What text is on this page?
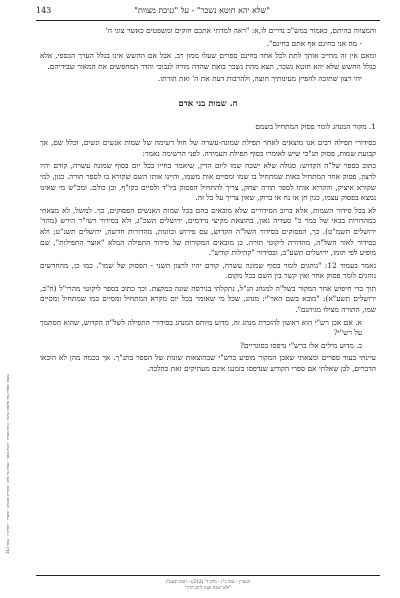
"שלא יהא חוטא נשכר" - על "גניבת מצוות"
143

והמצווה בהיתם, כאמור במש"כ נדרים לו,א: "ראה למדתי אתכם חוקים ומשפטים כאשר צוני ה'

- מה אני בחינם אף אתם בחינם".

ומאם אין זה מחייב אותך לתת לכל אחד בחינם ספרים שעלו ממון רב. אבל אם ההשש אינו בגלל הערך הכספי, אלא בגלל החשש שלא יהא חוטא נשכר, תצא מהת נשכר בואת שהדה מורה לנבוכי והדר המחפשים את המאור שבידיהם.

יהי רצון שתזכה להפיץ מעינותיך חוצה, ולהרבות דעת את ה' ואת תורתו.

ח. שמות בני אדם
1. מקור המנהג לומר פסוק המתחיל בשמם

בסידורי תפילה רבים אנו מוצאים לאחר תפילת שמונה-עשרה של חול רשימה של שמות אנשים ונשים, וכלל שם, אך קבועת שמות, פסוק תנ"כי שיש לאומרו בסוף תפילת העמידה. לפני הרשימה נאמר:

כתוב בספר של"ה הקדוש: סגולה שלא ישכח שמו ליום הדין, שיאמר בחייו בכל יום בסוף שמונה עשרה, קודם יהיו לרצון, פסוק אחד המתחיל באות שמתחיל בו שמו ומסיים אות משמו, והיינו אותו השם שקורא בו לספר תורה. כגון, למי שקורא איציק, והקריא אותו לספר תורה יצחק, צריך להתחיל הפסוק ביו"ד ולסיים בקו"ף, וכן כולם. ומכ"ש מי שאינו נמצא בפסוק עצמו, כגון חן או נח או ברוק, שאין צריך על כל זה.

לא בכל סידור השמות, אלא ברוב הסידורים שלא מובאים בהם בכל שמות האנשים הפסוקים, כך. למשל, לא מצאתי במהדורות בבאי של כמר כ" סעדיה גאון, בהוצאת מקיצי נרדמים, ירושלים תשכ"ג, ולא בסידור רשי"ר הירש (מהד' ירושלים תשמ"ט). כך, הפסוקים בסידור השל"ה הקדוש, עם פירוש וכוונות, מהדורות חדשה, ירושלים תשנ"ט; ולא בסידור לאור השל"ה, מהדורת ליקוטי תורה. כן מובאים המקורות של סידור התפילה המלא "אוצר התפילות", שם מופיע לפי תומו, ירושלים תשע"ב, ובסידור "קהילות קודש".

נאמר בעמוד 12: "נוהגים לומר בסוף שמונה עשרה, קודם יהיו לרצון השני - הפסוק של שמו". כמו כן, מהחדשים נוהגים לומר פסוק אחר ואין קשר בין השם בכל מקום.

תוך כדי חיפוש אחר המקור בשל"ה למנהג הנ"ל, נתקלתי בגירסה שונה במקצת. וכך כתוב בספר ליקוטי מהרי"ל (ח"ב, ירושלים תשע"א): "מובא בשם האר"י: מנהג, שכל מי שאומר בכל יום מקרא המתחיל ומסיים כמו שמתחיל ומסיים שמו, התורה מצילו מגיהנם".

א. אם אכן רש"י הוא ראשון להזכרת מנהג זה, מדוע מיוחס המנהג בסידורי התפילה לשל"ה הקדוש, שהוא הסתמך על רש"י?

ב. מדוע מילים אלו ברש"י נדפסו בסוגריים?

עיינתי בעוד ספרים ומצאתי שאכן המקור מופיע ברש"י שבהוצאות שונות של הספר בתנ"ך. אך בכמה מהן לא הובאו הדברים, לכן שאלתי אם ספרי הקודש שנדפסו בזמננו אינם מעתיקים זאת כהלכה.

נמצא: שאלות ענין מלאכה וגניבה - גניבת מצוות - חוטא נשכר - שמות בני אדם - מקורות ומנהגים - המעיין - חוברת ח - עמוד 143
המעיין - שנה נ"ג - גליון ד' (212) - תמוז תשע"ג
"ולא ישכח שמו ליום הדין"
